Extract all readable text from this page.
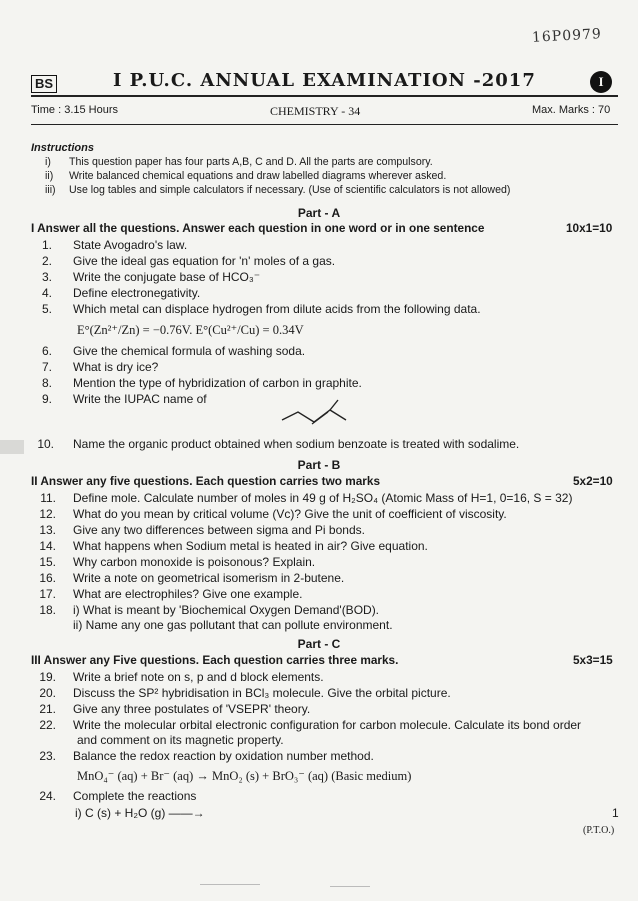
16P0979
BS	I P.U.C. ANNUAL EXAMINATION -2017	I
Time : 3.15 Hours	CHEMISTRY - 34	Max. Marks : 70
Instructions
i) This question paper has four parts A,B, C and D. All the parts are compulsory.
ii) Write balanced chemical equations and draw labelled diagrams wherever asked.
iii) Use log tables and simple calculators if necessary. (Use of scientific calculators is not allowed)
Part - A
I Answer all the questions. Answer each question in one word or in one sentence	10x1=10
1. State Avogadro's law.
2. Give the ideal gas equation for 'n' moles of a gas.
3. Write the conjugate base of HCO₃⁻
4. Define electronegativity.
5. Which metal can displace hydrogen from dilute acids from the following data.
E°(Zn²⁺/Zn) = −0.76V. E°(Cu²⁺/Cu) = 0.34V
6. Give the chemical formula of washing soda.
7. What is dry ice?
8. Mention the type of hybridization of carbon in graphite.
9. Write the IUPAC name of
10. Name the organic product obtained when sodium benzoate is treated with sodalime.
Part - B
II Answer any five questions. Each question carries two marks	5x2=10
11. Define mole. Calculate number of moles in 49 g of H₂SO₄ (Atomic Mass of H=1, 0=16, S = 32)
12. What do you mean by critical volume (Vc)? Give the unit of coefficient of viscosity.
13. Give any two differences between sigma and Pi bonds.
14. What happens when Sodium metal is heated in air? Give equation.
15. Why carbon monoxide is poisonous? Explain.
16. Write a note on geometrical isomerism in 2-butene.
17. What are electrophiles? Give one example.
18. i) What is meant by 'Biochemical Oxygen Demand'(BOD).
ii) Name any one gas pollutant that can pollute environment.
Part - C
III Answer any Five questions. Each question carries three marks.	5x3=15
19. Write a brief note on s, p and d block elements.
20. Discuss the SP² hybridisation in BCl₃ molecule. Give the orbital picture.
21. Give any three postulates of 'VSEPR' theory.
22. Write the molecular orbital electronic configuration for carbon molecule. Calculate its bond order
and comment on its magnetic property.
23. Balance the redox reaction by oxidation number method.
MnO₄⁻ (aq) + Br⁻ (aq) → MnO₂ (s) + BrO₃⁻ (aq) (Basic medium)
24. Complete the reactions
i) C (s) + H₂O (g) ——→	1
(P.T.O.)
